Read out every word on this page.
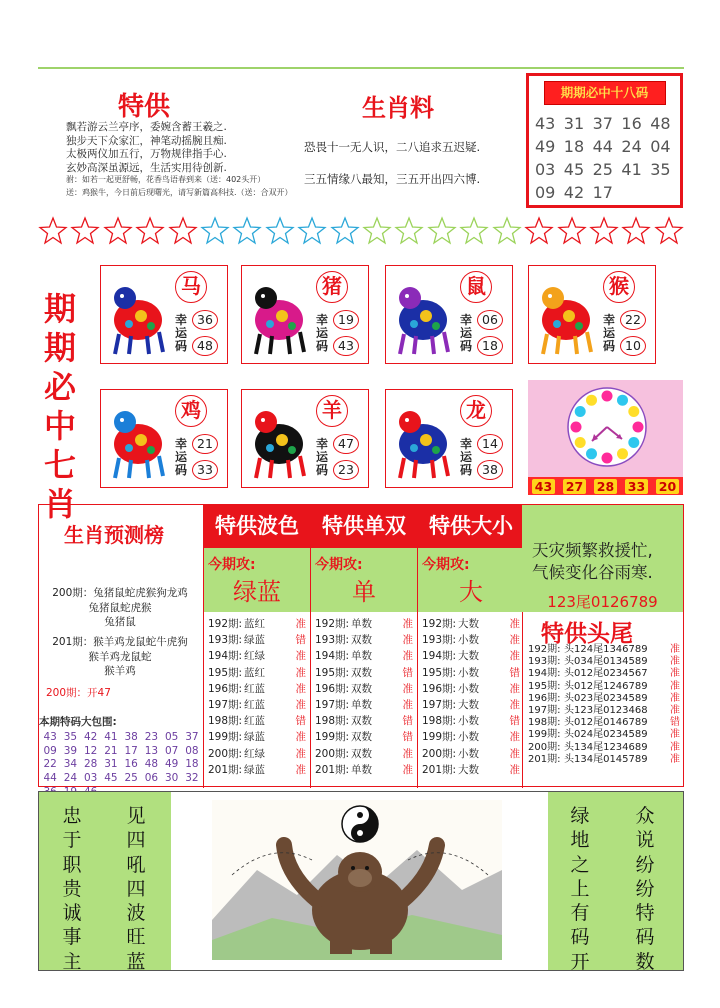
特供
飘若游云兰亭序，委婉含蓄王羲之.
独步天下众家汇，神笔动摇腕且痴.
太极两仪加五行，万物规律指手心.
玄妙高深虽源远，生活实用待创新.
驸：如若一起更舒畅，花香鸟语春到来（送：402头开）
送：鸡猴牛，今日前后现曙光，请写新篇高科技.（送：合双开）
生肖料
恐畏十一无人识，二八追求五迟疑.
三五情缘八最知，三五开出四六博.
期期必中十八码
43 31 37 16 48
49 18 44 24 04
03 45 25 41 35
09 42 17
期期必中七肖
马
幸运码
36
48
猪
幸运码
19
43
鼠
幸运码
06
18
猴
幸运码
22
10
鸡
幸运码
21
33
羊
幸运码
47
23
龙
幸运码
14
38
43 27 28 33 20
生肖预测榜
200期：兔猪鼠蛇虎猴狗龙鸡
兔猪鼠蛇虎猴
兔猪鼠
201期：猴羊鸡龙鼠蛇牛虎狗
猴羊鸡龙鼠蛇
猴羊鸡
200期：开47
本期特码大包围:
43 35 42 41 38 23 05 37
09 39 12 21 17 13 07 08
22 34 28 31 16 48 49 18
44 24 03 45 25 06 30 32
特供波色
今期攻:
绿蓝
192期: 蓝红	准
193期: 绿蓝	错
194期: 红绿	准
195期: 蓝红	准
196期: 红蓝	准
197期: 红蓝	准
198期: 红蓝	错
199期: 绿蓝	准
200期: 红绿	准
201期: 绿蓝	准
特供单双
今期攻:
单
192期: 单数	准
193期: 双数	准
194期: 单数	准
195期: 双数	错
196期: 双数	准
197期: 单数	准
198期: 双数	错
199期: 双数	错
200期: 双数	准
201期: 单数	准
特供大小
今期攻:
大
192期: 大数	准
193期: 小数	准
194期: 大数	准
195期: 小数	错
196期: 小数	准
197期: 大数	准
198期: 小数	错
199期: 小数	准
200期: 小数	准
201期: 大数	准
天灾频繁救援忙,
气候变化谷雨寒.
123尾0126789
特供头尾
192期: 头124尾1346789	准
193期: 头034尾0134589	准
194期: 头012尾0234567	准
195期: 头012尾1246789	准
196期: 头023尾0234589	准
197期: 头123尾0123468	准
198期: 头012尾0146789	错
199期: 头024尾0234589	准
200期: 头134尾1234689	准
201期: 头134尾0145789	准
忠
于
职
贵
诚
事
主
见
四
吼
四
波
旺
蓝
绿
地
之
上
有
码
开
众
说
纷
纷
特
码
数
